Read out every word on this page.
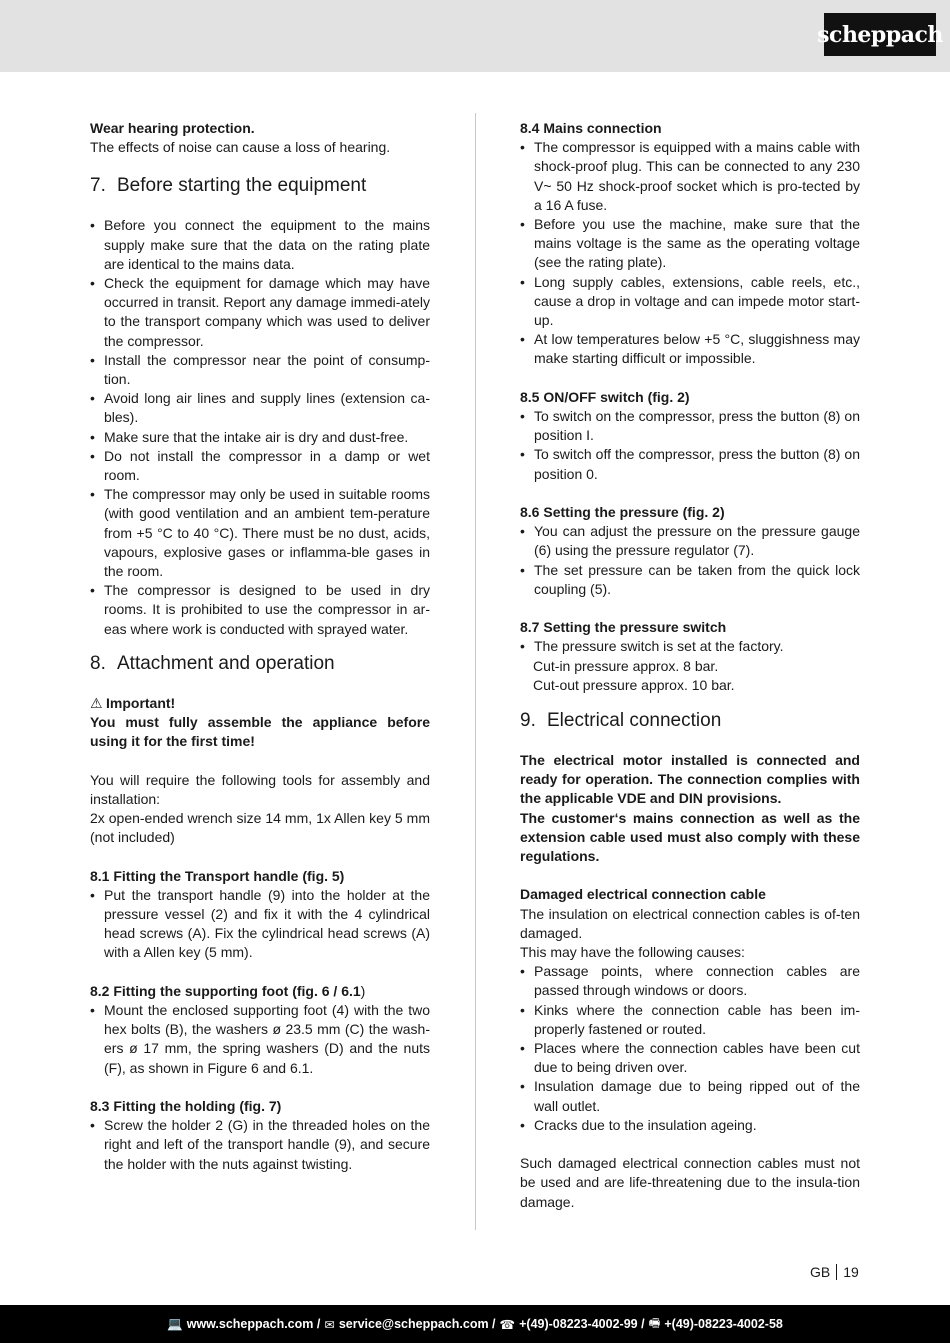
scheppach

Wear hearing protection.

The effects of noise can cause a loss of hearing.

7. Before starting the equipment
• Before you connect the equipment to the mains supply make sure that the data on the rating plate are identical to the mains data.
• Check the equipment for damage which may have occurred in transit. Report any damage immedi-ately to the transport company which was used to deliver the compressor.
• Install the compressor near the point of consump-tion.
• Avoid long air lines and supply lines (extension ca-bles).
• Make sure that the intake air is dry and dust-free.
• Do not install the compressor in a damp or wet room.
• The compressor may only be used in suitable rooms (with good ventilation and an ambient tem-perature from +5 °C to 40 °C). There must be no dust, acids, vapours, explosive gases or inflamma-ble gases in the room.
• The compressor is designed to be used in dry rooms. It is prohibited to use the compressor in ar-eas where work is conducted with sprayed water.
8. Attachment and operation

⚠ Important!

You must fully assemble the appliance before using it for the first time!

You will require the following tools for assembly and installation:

2x open-ended wrench size 14 mm, 1x Allen key 5 mm (not included)

8.1 Fitting the Transport handle (fig. 5)

• Put the transport handle (9) into the holder at the pressure vessel (2) and fix it with the 4 cylindrical head screws (A). Fix the cylindrical head screws (A) with a Allen key (5 mm).

8.2 Fitting the supporting foot (fig. 6 / 6.1)

• Mount the enclosed supporting foot (4) with the two hex bolts (B), the washers ø 23.5 mm (C) the wash-ers ø 17 mm, the spring washers (D) and the nuts (F), as shown in Figure 6 and 6.1.

8.3 Fitting the holding (fig. 7)

• Screw the holder 2 (G) in the threaded holes on the right and left of the transport handle (9), and secure the holder with the nuts against twisting.

8.4 Mains connection

• The compressor is equipped with a mains cable with shock-proof plug. This can be connected to any 230 V~ 50 Hz shock-proof socket which is pro-tected by a 16 A fuse.
• Before you use the machine, make sure that the mains voltage is the same as the operating voltage (see the rating plate).
• Long supply cables, extensions, cable reels, etc., cause a drop in voltage and can impede motor start-up.
• At low temperatures below +5 °C, sluggishness may make starting difficult or impossible.

8.5 ON/OFF switch (fig. 2)

• To switch on the compressor, press the button (8) on position I.
• To switch off the compressor, press the button (8) on position 0.

8.6 Setting the pressure (fig. 2)

• You can adjust the pressure on the pressure gauge (6) using the pressure regulator (7).
• The set pressure can be taken from the quick lock coupling (5).

8.7 Setting the pressure switch

• The pressure switch is set at the factory.

Cut-in pressure approx. 8 bar.

Cut-out pressure approx. 10 bar.

9. Electrical connection

The electrical motor installed is connected and ready for operation. The connection complies with the applicable VDE and DIN provisions.

The customer‘s mains connection as well as the extension cable used must also comply with these regulations.

Damaged electrical connection cable

The insulation on electrical connection cables is of-ten damaged.

This may have the following causes:

• Passage points, where connection cables are passed through windows or doors.
• Kinks where the connection cable has been im-properly fastened or routed.
• Places where the connection cables have been cut due to being driven over.
• Insulation damage due to being ripped out of the wall outlet.
• Cracks due to the insulation ageing.

Such damaged electrical connection cables must not be used and are life-threatening due to the insula-tion damage.

GB 19
💻 www.scheppach.com / ✉ service@scheppach.com / ☎ +(49)-08223-4002-99 / 🖷 +(49)-08223-4002-58
